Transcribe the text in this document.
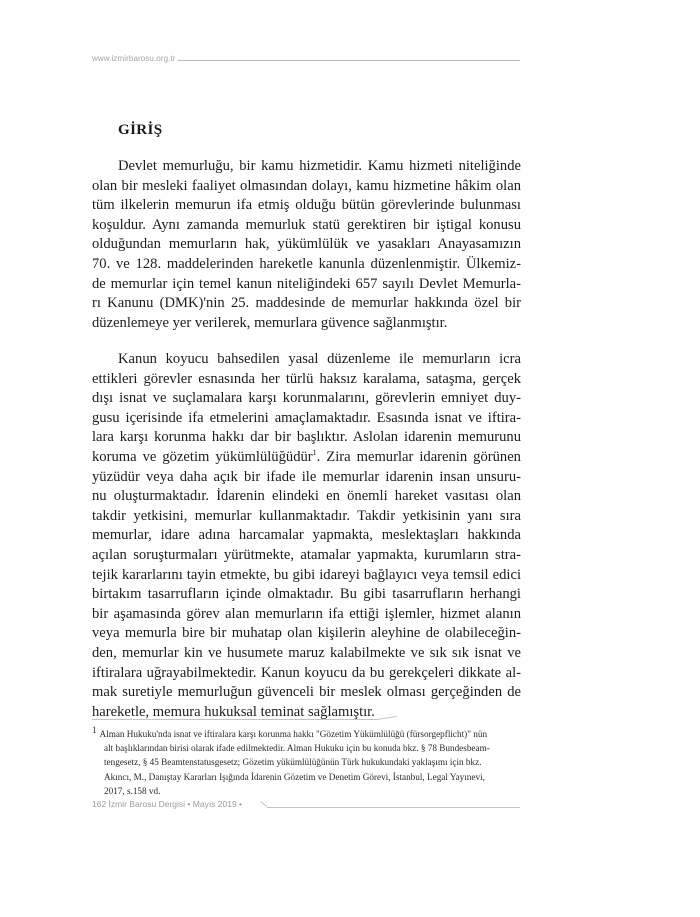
www.izmirbarosu.org.tr
GİRİŞ
Devlet memurluğu, bir kamu hizmetidir. Kamu hizmeti niteliğinde
olan bir mesleki faaliyet olmasından dolayı, kamu hizmetine hâkim olan
tüm ilkelerin memurun ifa etmiş olduğu bütün görevlerinde bulunması
koşuldur. Aynı zamanda memurluk statü gerektiren bir iştigal konusu
olduğundan memurların hak, yükümlülük ve yasakları Anayasamızın
70. ve 128. maddelerinden hareketle kanunla düzenlenmiştir. Ülkemiz-
de memurlar için temel kanun niteliğindeki 657 sayılı Devlet Memurla-
rı Kanunu (DMK)'nin 25. maddesinde de memurlar hakkında özel bir
düzenlemeye yer verilerek, memurlara güvence sağlanmıştır.
Kanun koyucu bahsedilen yasal düzenleme ile memurların icra
ettikleri görevler esnasında her türlü haksız karalama, sataşma, gerçek
dışı isnat ve suçlamalara karşı korunmalarını, görevlerin emniyet duy-
gusu içerisinde ifa etmelerini amaçlamaktadır. Esasında isnat ve iftira-
lara karşı korunma hakkı dar bir başlıktır. Aslolan idarenin memurunu
koruma ve gözetim yükümlülüğüdür$^1$. Zira memurlar idarenin görünen
yüzüdür veya daha açık bir ifade ile memurlar idarenin insan unsuru-
nu oluşturmaktadır. İdarenin elindeki en önemli hareket vasıtası olan
takdir yetkisini, memurlar kullanmaktadır. Takdir yetkisinin yanı sıra
memurlar, idare adına harcamalar yapmakta, meslektaşları hakkında
açılan soruşturmaları yürütmekte, atamalar yapmakta, kurumların stra-
tejik kararlarını tayin etmekte, bu gibi idareyi bağlayıcı veya temsil edici
birtakım tasarrufların içinde olmaktadır. Bu gibi tasarrufların herhangi
bir aşamasında görev alan memurların ifa ettiği işlemler, hizmet alanın
veya memurla bire bir muhatap olan kişilerin aleyhine de olabileceğin-
den, memurlar kin ve husumete maruz kalabilmekte ve sık sık isnat ve
iftiralara uğrayabilmektedir. Kanun koyucu da bu gerekçeleri dikkate al-
mak suretiyle memurluğun güvenceli bir meslek olması gerçeğinden de
hareketle, memura hukuksal teminat sağlamıştır.
1 Alman Hukuku'nda isnat ve iftiralara karşı korunma hakkı "Gözetim Yükümlülüğü (fürsorgepflicht)" nün
alt başlıklarından birisi olarak ifade edilmektedir. Alman Hukuku için bu konuda bkz. § 78 Bundesbeam-
tengesetz, § 45 Beamtenstatusgesetz; Gözetim yükümlülüğünün Türk hukukundaki yaklaşımı için bkz.
Akıncı, M., Danıştay Kararları Işığında İdarenin Gözetim ve Denetim Görevi, İstanbul, Legal Yayınevi,
2017, s.158 vd.
162 İzmir Barosu Dergisi • Mayıs 2019 •
